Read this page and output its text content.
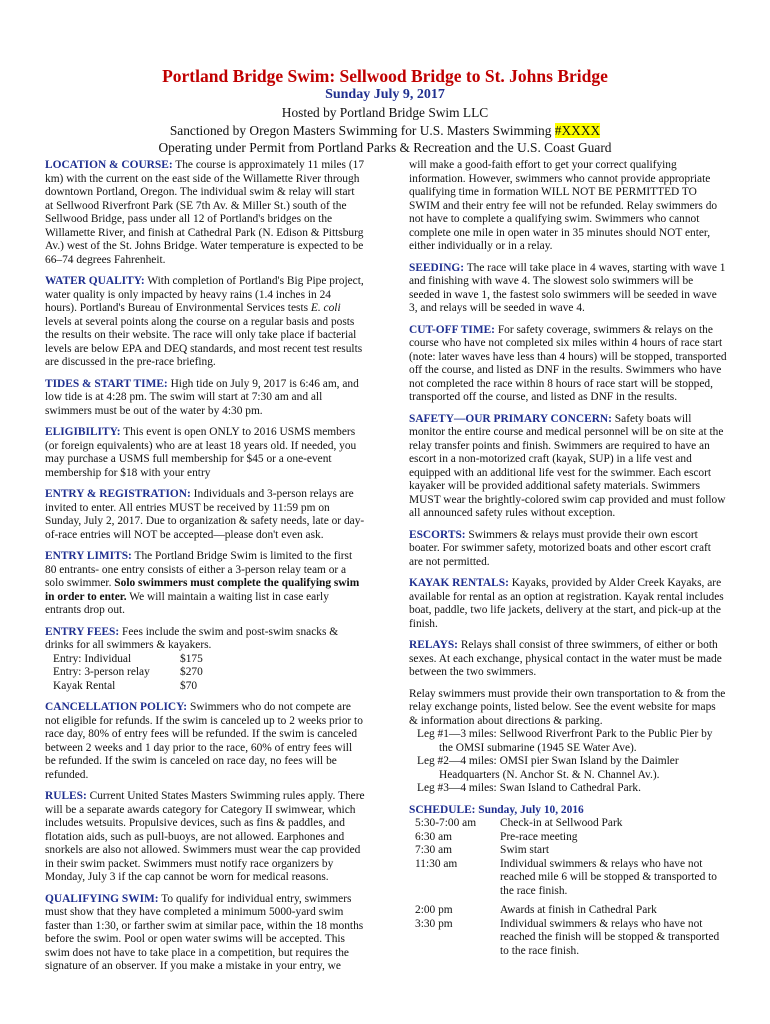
Portland Bridge Swim: Sellwood Bridge to St. Johns Bridge

Sunday July 9, 2017

Hosted by Portland Bridge Swim LLC

Sanctioned by Oregon Masters Swimming for U.S. Masters Swimming #XXXX

Operating under Permit from Portland Parks & Recreation and the U.S. Coast Guard

LOCATION & COURSE: The course is approximately 11 miles (17 km) with the current on the east side of the Willamette River through downtown Portland, Oregon. The individual swim & relay will start at Sellwood Riverfront Park (SE 7th Av. & Miller St.) south of the Sellwood Bridge, pass under all 12 of Portland's bridges on the Willamette River, and finish at Cathedral Park (N. Edison & Pittsburg Av.) west of the St. Johns Bridge. Water temperature is expected to be 66–74 degrees Fahrenheit.

WATER QUALITY: With completion of Portland's Big Pipe project, water quality is only impacted by heavy rains (1.4 inches in 24 hours). Portland's Bureau of Environmental Services tests E. coli levels at several points along the course on a regular basis and posts the results on their website. The race will only take place if bacterial levels are below EPA and DEQ standards, and most recent test results are discussed in the pre-race briefing.

TIDES & START TIME: High tide on July 9, 2017 is 6:46 am, and low tide is at 4:28 pm. The swim will start at 7:30 am and all swimmers must be out of the water by 4:30 pm.

ELIGIBILITY: This event is open ONLY to 2016 USMS members (or foreign equivalents) who are at least 18 years old. If needed, you may purchase a USMS full membership for $45 or a one-event membership for $18 with your entry

ENTRY & REGISTRATION: Individuals and 3-person relays are invited to enter. All entries MUST be received by 11:59 pm on Sunday, July 2, 2017. Due to organization & safety needs, late or day-of-race entries will NOT be accepted—please don't even ask.

ENTRY LIMITS: The Portland Bridge Swim is limited to the first 80 entrants- one entry consists of either a 3-person relay team or a solo swimmer. Solo swimmers must complete the qualifying swim in order to enter. We will maintain a waiting list in case early entrants drop out.

ENTRY FEES: Fees include the swim and post-swim snacks & drinks for all swimmers & kayakers.
Entry: Individual	$175
Entry: 3-person relay	$270
Kayak Rental	$70

CANCELLATION POLICY: Swimmers who do not compete are not eligible for refunds. If the swim is canceled up to 2 weeks prior to race day, 80% of entry fees will be refunded. If the swim is canceled between 2 weeks and 1 day prior to the race, 60% of entry fees will be refunded. If the swim is canceled on race day, no fees will be refunded.

RULES: Current United States Masters Swimming rules apply. There will be a separate awards category for Category II swimwear, which includes wetsuits. Propulsive devices, such as fins & paddles, and flotation aids, such as pull-buoys, are not allowed. Earphones and snorkels are also not allowed. Swimmers must wear the cap provided in their swim packet. Swimmers must notify race organizers by Monday, July 3 if the cap cannot be worn for medical reasons.

QUALIFYING SWIM: To qualify for individual entry, swimmers must show that they have completed a minimum 5000-yard swim faster than 1:30, or farther swim at similar pace, within the 18 months before the swim. Pool or open water swims will be accepted. This swim does not have to take place in a competition, but requires the signature of an observer. If you make a mistake in your entry, we

will make a good-faith effort to get your correct qualifying information. However, swimmers who cannot provide appropriate qualifying time in formation WILL NOT BE PERMITTED TO SWIM and their entry fee will not be refunded. Relay swimmers do not have to complete a qualifying swim. Swimmers who cannot complete one mile in open water in 35 minutes should NOT enter, either individually or in a relay.

SEEDING: The race will take place in 4 waves, starting with wave 1 and finishing with wave 4. The slowest solo swimmers will be seeded in wave 1, the fastest solo swimmers will be seeded in wave 3, and relays will be seeded in wave 4.

CUT-OFF TIME: For safety coverage, swimmers & relays on the course who have not completed six miles within 4 hours of race start (note: later waves have less than 4 hours) will be stopped, transported off the course, and listed as DNF in the results. Swimmers who have not completed the race within 8 hours of race start will be stopped, transported off the course, and listed as DNF in the results.

SAFETY—OUR PRIMARY CONCERN: Safety boats will monitor the entire course and medical personnel will be on site at the relay transfer points and finish. Swimmers are required to have an escort in a non-motorized craft (kayak, SUP) in a life vest and equipped with an additional life vest for the swimmer. Each escort kayaker will be provided additional safety materials. Swimmers MUST wear the brightly-colored swim cap provided and must follow all announced safety rules without exception.

ESCORTS: Swimmers & relays must provide their own escort boater. For swimmer safety, motorized boats and other escort craft are not permitted.

KAYAK RENTALS: Kayaks, provided by Alder Creek Kayaks, are available for rental as an option at registration. Kayak rental includes boat, paddle, two life jackets, delivery at the start, and pick-up at the finish.

RELAYS: Relays shall consist of three swimmers, of either or both sexes. At each exchange, physical contact in the water must be made between the two swimmers.

Relay swimmers must provide their own transportation to & from the relay exchange points, listed below. See the event website for maps & information about directions & parking.
Leg #1—3 miles: Sellwood Riverfront Park to the Public Pier by
the OMSI submarine (1945 SE Water Ave).
Leg #2—4 miles: OMSI pier Swan Island by the Daimler
Headquarters (N. Anchor St. & N. Channel Av.).
Leg #3—4 miles: Swan Island to Cathedral Park.
SCHEDULE: Sunday, July 10, 2016
5:30-7:00 am	Check-in at Sellwood Park
6:30 am	Pre-race meeting
7:30 am	Swim start
11:30 am	Individual swimmers & relays who have not reached mile 6 will be stopped & transported to the race finish.
2:00 pm	Awards at finish in Cathedral Park
3:30 pm	Individual swimmers & relays who have not reached the finish will be stopped & transported to the race finish.
